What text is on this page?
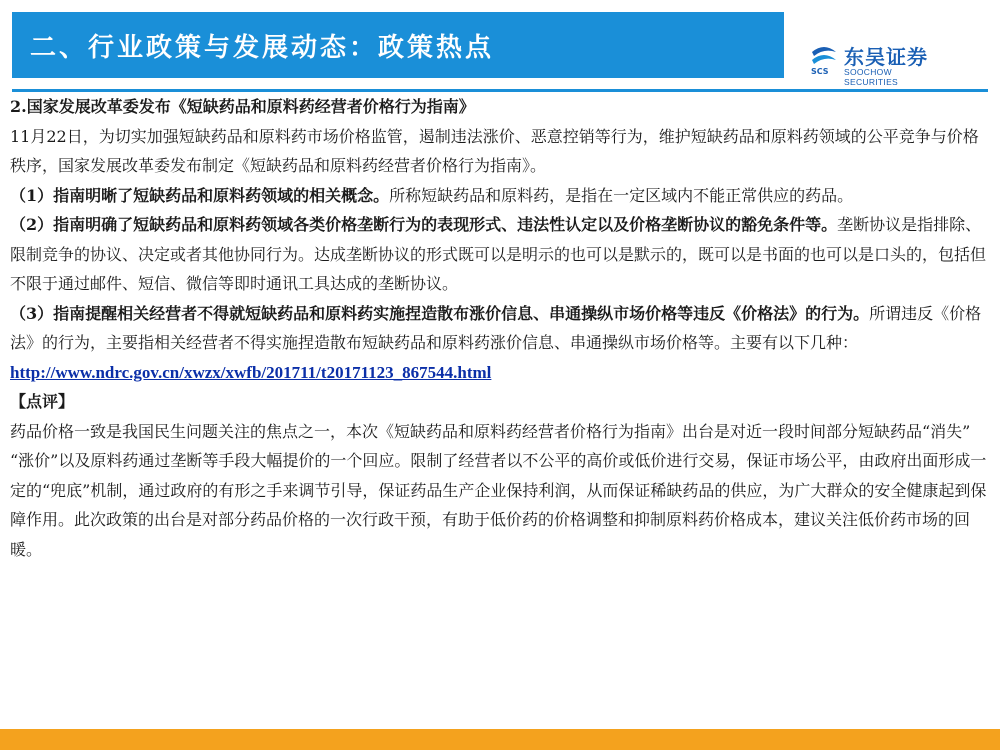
二、行业政策与发展动态：政策热点
SCS
东吴证券
SOOCHOW SECURITIES

2.国家发展改革委发布《短缺药品和原料药经营者价格行为指南》

11月22日，为切实加强短缺药品和原料药市场价格监管，遏制违法涨价、恶意控销等行为，维护短缺药品和原料药领域的公平竞争与价格秩序，国家发展改革委发布制定《短缺药品和原料药经营者价格行为指南》。

（1）指南明晰了短缺药品和原料药领域的相关概念。所称短缺药品和原料药，是指在一定区域内不能正常供应的药品。

（2）指南明确了短缺药品和原料药领域各类价格垄断行为的表现形式、违法性认定以及价格垄断协议的豁免条件等。垄断协议是指排除、限制竞争的协议、决定或者其他协同行为。达成垄断协议的形式既可以是明示的也可以是默示的，既可以是书面的也可以是口头的，包括但不限于通过邮件、短信、微信等即时通讯工具达成的垄断协议。

（3）指南提醒相关经营者不得就短缺药品和原料药实施捏造散布涨价信息、串通操纵市场价格等违反《价格法》的行为。所谓违反《价格法》的行为，主要指相关经营者不得实施捏造散布短缺药品和原料药涨价信息、串通操纵市场价格等。主要有以下几种：

http://www.ndrc.gov.cn/xwzx/xwfb/201711/t20171123_867544.html

【点评】

药品价格一致是我国民生问题关注的焦点之一，本次《短缺药品和原料药经营者价格行为指南》出台是对近一段时间部分短缺药品“消失” “涨价”以及原料药通过垄断等手段大幅提价的一个回应。限制了经营者以不公平的高价或低价进行交易，保证市场公平，由政府出面形成一定的“兜底”机制，通过政府的有形之手来调节引导，保证药品生产企业保持利润，从而保证稀缺药品的供应，为广大群众的安全健康起到保障作用。此次政策的出台是对部分药品价格的一次行政干预，有助于低价药的价格调整和抑制原料药价格成本，建议关注低价药市场的回暖。
